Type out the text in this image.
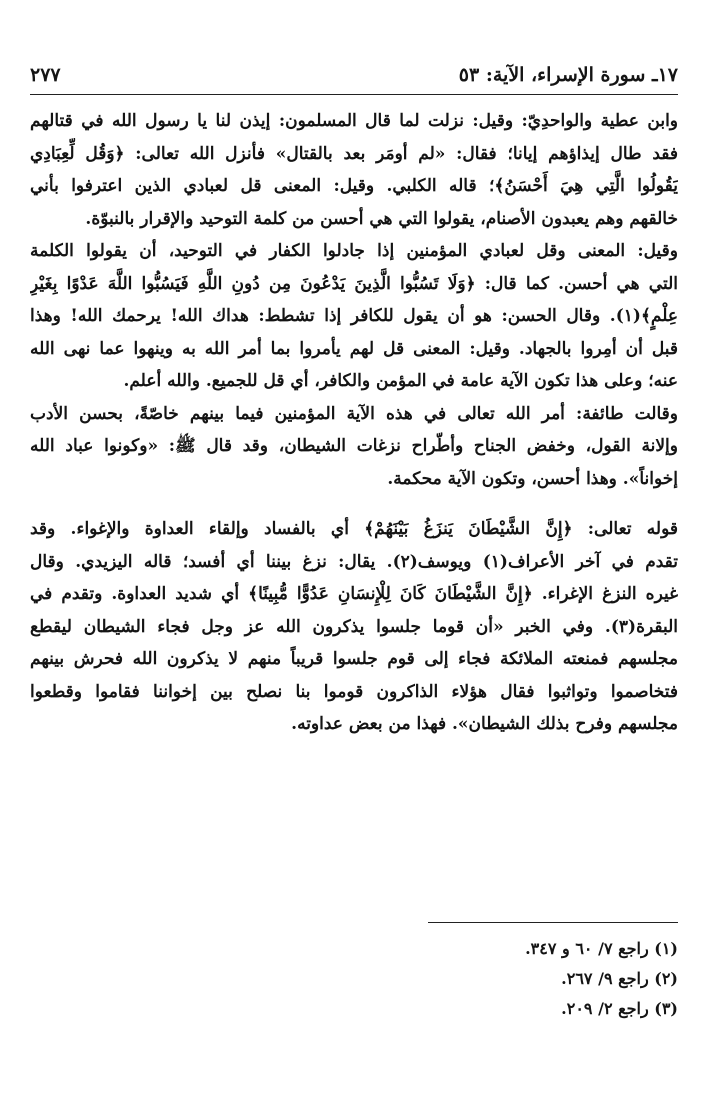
١٧ـ سورة الإسراء، الآية: ٥٣
٢٧٧
وابن عطية والواحدِيّ: وقيل: نزلت لما قال المسلمون: إيذن لنا يا رسول الله في قتالهم
فقد طال إيذاؤهم إيانا؛ فقال: «لم أومَر بعد بالقتال» فأنزل الله تعالى: ﴿وَقُل لِّعِبَادِي
يَقُولُوا الَّتِي هِيَ أَحْسَنُ﴾؛ قاله الكلبي. وقيل: المعنى قل لعبادي الذين اعترفوا بأني
خالقهم وهم يعبدون الأصنام، يقولوا التي هي أحسن من كلمة التوحيد والإقرار بالنبوّة.
وقيل: المعنى وقل لعبادي المؤمنين إذا جادلوا الكفار في التوحيد، أن يقولوا الكلمة
التي هي أحسن. كما قال: ﴿وَلَا تَسُبُّوا الَّذِينَ يَدْعُونَ مِن دُونِ اللَّهِ فَيَسُبُّوا اللَّهَ عَدْوًا بِغَيْرِ
عِلْمٍ﴾(١). وقال الحسن: هو أن يقول للكافر إذا تشطط: هداك الله! يرحمك الله! وهذا
قبل أن أمِروا بالجهاد. وقيل: المعنى قل لهم يأمروا بما أمر الله به وينهوا عما نهى الله
عنه؛ وعلى هذا تكون الآية عامة في المؤمن والكافر، أي قل للجميع. والله أعلم.
وقالت طائفة: أمر الله تعالى في هذه الآية المؤمنين فيما بينهم خاصّةً، بحسن الأدب
وإلانة القول، وخفض الجناح وأطّراح نزغات الشيطان، وقد قال ﷺ: «وكونوا عباد الله
إخواناً». وهذا أحسن، وتكون الآية محكمة.
قوله تعالى: ﴿إِنَّ الشَّيْطَانَ يَنزَغُ بَيْنَهُمْ﴾ أي بالفساد وإلقاء العداوة والإغواء. وقد
تقدم في آخر الأعراف(١) ويوسف(٢). يقال: نزغ بيننا أي أفسد؛ قاله اليزيدي. وقال
غيره النزغ الإغراء. ﴿إِنَّ الشَّيْطَانَ كَانَ لِلْإِنسَانِ عَدُوًّا مُّبِينًا﴾ أي شديد العداوة. وتقدم في
البقرة(٣). وفي الخبر «أن قوما جلسوا يذكرون الله عز وجل فجاء الشيطان ليقطع
مجلسهم فمنعته الملائكة فجاء إلى قوم جلسوا قريباً منهم لا يذكرون الله فحرش بينهم
فتخاصموا وتواثبوا فقال هؤلاء الذاكرون قوموا بنا نصلح بين إخواننا فقاموا وقطعوا
مجلسهم وفرح بذلك الشيطان». فهذا من بعض عداوته.
(١) راجع ٧/ ٦٠ و ٣٤٧.
(٢) راجع ٩/ ٢٦٧.
(٣) راجع ٢/ ٢٠٩.
